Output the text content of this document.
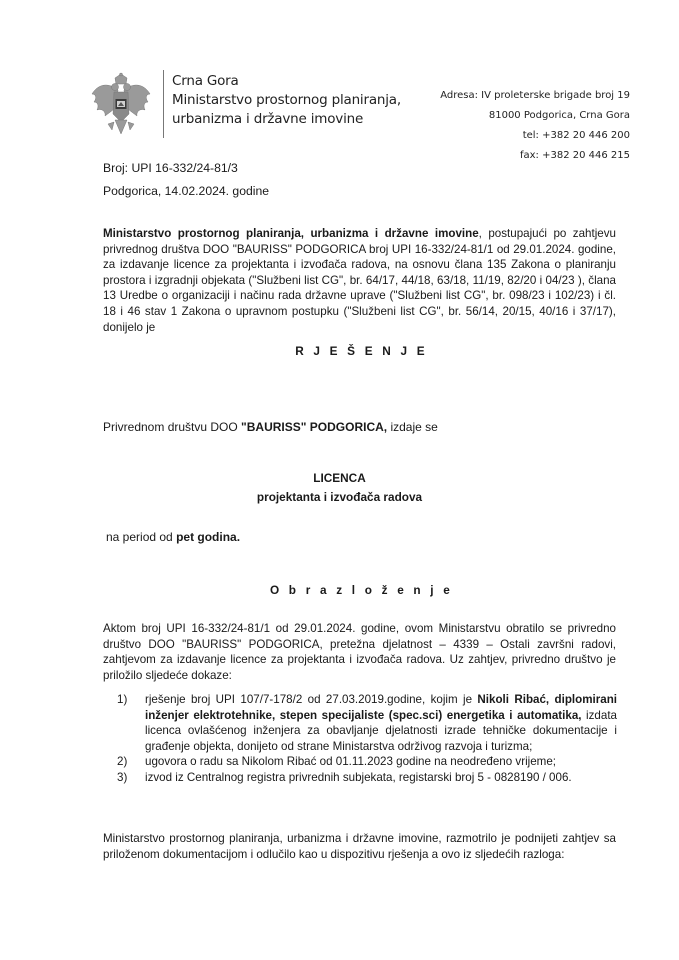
Crna Gora
Ministarstvo prostornog planiranja,
urbanizma i državne imovine
Adresa: IV proleterske brigade broj 19
81000 Podgorica, Crna Gora
tel: +382 20 446 200
fax: +382 20 446 215
Broj: UPI 16-332/24-81/3
Podgorica, 14.02.2024. godine
Ministarstvo prostornog planiranja, urbanizma i državne imovine, postupajući po zahtjevu privrednog društva DOO "BAURISS" PODGORICA broj UPI 16-332/24-81/1 od 29.01.2024. godine, za izdavanje licence za projektanta i izvođača radova, na osnovu člana 135 Zakona o planiranju prostora i izgradnji objekata ("Službeni list CG", br. 64/17, 44/18, 63/18, 11/19, 82/20 i 04/23 ), člana 13 Uredbe o organizaciji i načinu rada državne uprave ("Službeni list CG", br. 098/23 i 102/23) i čl. 18 i 46 stav 1 Zakona o upravnom postupku ("Službeni list CG", br. 56/14, 20/15, 40/16 i 37/17), donijelo je
R J E Š E N J E
Privrednom društvu DOO "BAURISS" PODGORICA, izdaje se
LICENCA
projektanta i izvođača radova
na period od pet godina.
O b r a z l o ž e n j e
Aktom broj UPI 16-332/24-81/1 od 29.01.2024. godine, ovom Ministarstvu obratilo se privredno društvo DOO "BAURISS" PODGORICA, pretežna djelatnost – 4339 – Ostali završni radovi, zahtjevom za izdavanje licence za projektanta i izvođača radova. Uz zahtjev, privredno društvo je priložilo sljedeće dokaze:
1) rješenje broj UPI 107/7-178/2 od 27.03.2019.godine, kojim je Nikoli Ribać, diplomirani inženjer elektrotehnike, stepen specijaliste (spec.sci) energetika i automatika, izdata licenca ovlašćenog inženjera za obavljanje djelatnosti izrade tehničke dokumentacije i građenje objekta, donijeto od strane Ministarstva održivog razvoja i turizma;
2) ugovora o radu sa Nikolom Ribać od 01.11.2023 godine na neodređeno vrijeme;
3) izvod iz Centralnog registra privrednih subjekata, registarski broj 5 - 0828190 / 006.
Ministarstvo prostornog planiranja, urbanizma i državne imovine, razmotrilo je podnijeti zahtjev sa priloženom dokumentacijom i odlučilo kao u dispozitivu rješenja a ovo iz sljedećih razloga:
